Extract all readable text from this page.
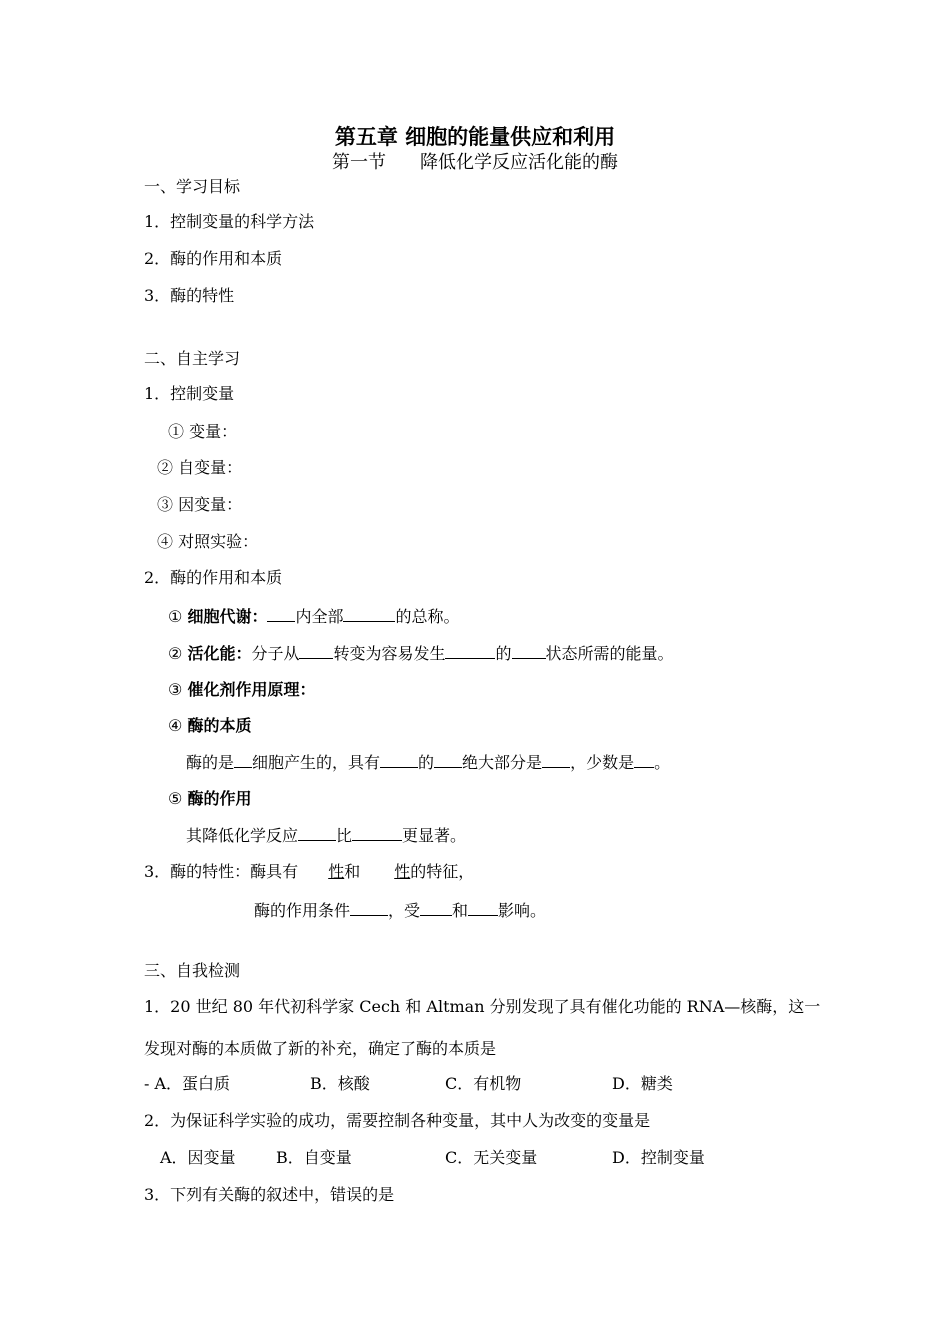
第五章 细胞的能量供应和利用
第一节 降低化学反应活化能的酶
一、学习目标
1．控制变量的科学方法
2．酶的作用和本质
3．酶的特性
二、自主学习
1．控制变量
① 变量：
② 自变量：
③ 因变量：
④ 对照实验：
2．酶的作用和本质
① 细胞代谢： 内全部	的总称。
② 活化能：分子从 转变为容易发生	的 状态所需的能量。
③ 催化剂作用原理：
④ 酶的本质
酶的是 细胞产生的，具有 的 绝大部分是 ，少数是 。
⑤ 酶的作用
其降低化学反应 比	更显著。
3．酶的特性：酶具有 性和 性的特征，
酶的作用条件 ，受 和 影响。
三、自我检测
1．20 世纪 80 年代初科学家 Cech 和 Altman 分别发现了具有催化功能的 RNA—核酶，这一
发现对酶的本质做了新的补充，确定了酶的本质是
- A．蛋白质	B．核酸	C．有机物	D．糖类
2．为保证科学实验的成功，需要控制各种变量，其中人为改变的变量是
A．因变量	B．自变量	C．无关变量	D．控制变量
3．下列有关酶的叙述中，错误的是
